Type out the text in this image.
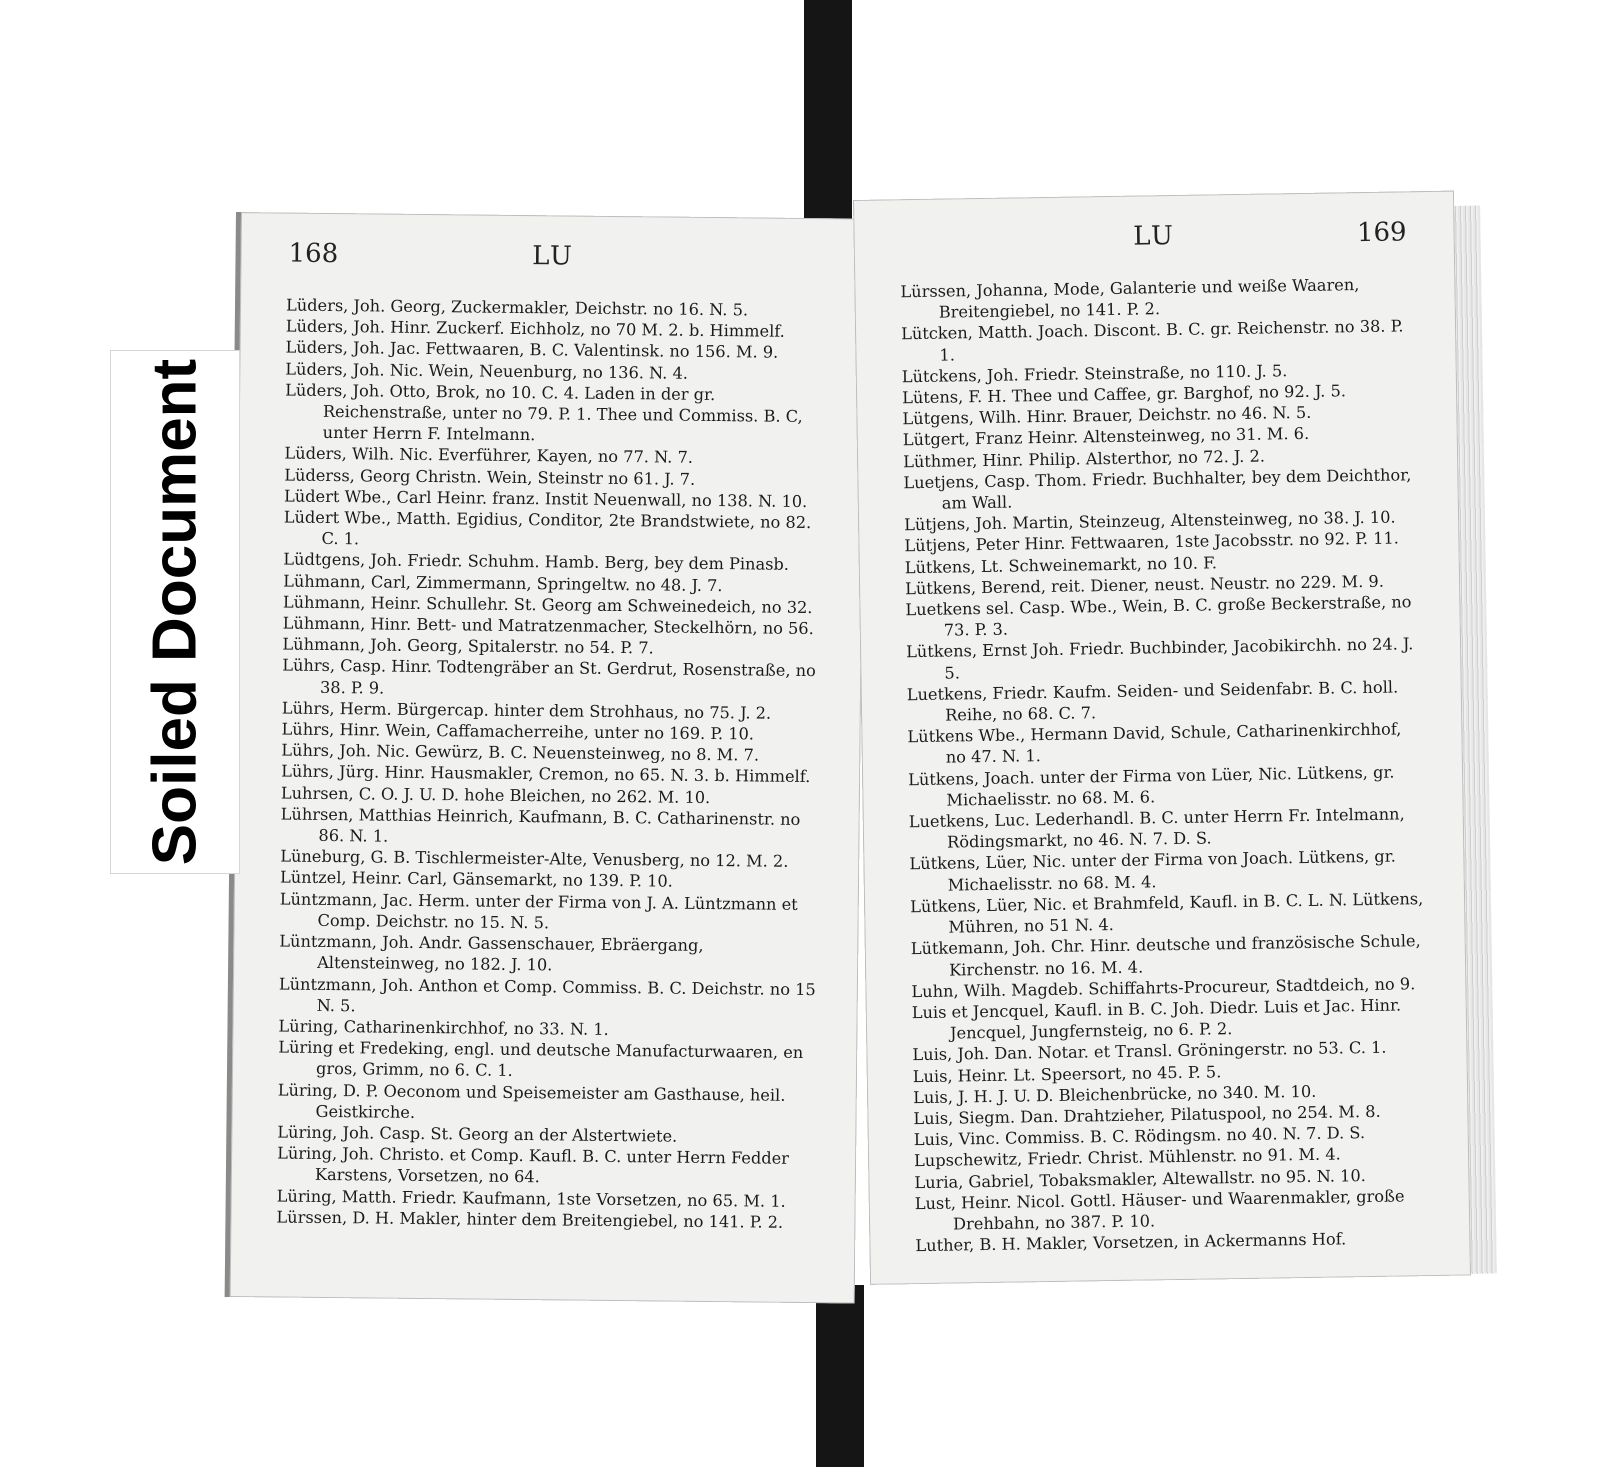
168	LU
Lüders, Joh. Georg, Zuckermakler, Deichstr. no 16. N. 5.
Lüders, Joh. Hinr. Zuckerf. Eichholz, no 70 M. 2. b. Himmelf.
Lüders, Joh. Jac. Fettwaaren, B. C. Valentinsk. no 156. M. 9.
Lüders, Joh. Nic. Wein, Neuenburg, no 136. N. 4.
Lüders, Joh. Otto, Brok, no 10. C. 4. Laden in der gr. Reichenstraße, unter no 79. P. 1. Thee und Commiss. B. C, unter Herrn F. Intelmann.
Lüders, Wilh. Nic. Everführer, Kayen, no 77. N. 7.
Lüderss, Georg Christn. Wein, Steinstr no 61. J. 7.
Lüdert Wbe., Carl Heinr. franz. Instit Neuenwall, no 138. N. 10.
Lüdert Wbe., Matth. Egidius, Conditor, 2te Brandstwiete, no 82. C. 1.
Lüdtgens, Joh. Friedr. Schuhm. Hamb. Berg, bey dem Pinasb.
Lühmann, Carl, Zimmermann, Springeltw. no 48. J. 7.
Lühmann, Heinr. Schullehr. St. Georg am Schweinedeich, no 32.
Lühmann, Hinr. Bett- und Matratzenmacher, Steckelhörn, no 56.
Lühmann, Joh. Georg, Spitalerstr. no 54. P. 7.
Lührs, Casp. Hinr. Todtengräber an St. Gerdrut, Rosenstraße, no 38. P. 9.
Lührs, Herm. Bürgercap. hinter dem Strohhaus, no 75. J. 2.
Lührs, Hinr. Wein, Caffamacherreihe, unter no 169. P. 10.
Lührs, Joh. Nic. Gewürz, B. C. Neuensteinweg, no 8. M. 7.
Lührs, Jürg. Hinr. Hausmakler, Cremon, no 65. N. 3. b. Himmelf.
Luhrsen, C. O. J. U. D. hohe Bleichen, no 262. M. 10.
Lührsen, Matthias Heinrich, Kaufmann, B. C. Catharinenstr. no 86. N. 1.
Lüneburg, G. B. Tischlermeister-Alte, Venusberg, no 12. M. 2.
Lüntzel, Heinr. Carl, Gänsemarkt, no 139. P. 10.
Lüntzmann, Jac. Herm. unter der Firma von J. A. Lüntzmann et Comp. Deichstr. no 15. N. 5.
Lüntzmann, Joh. Andr. Gassenschauer, Ebräergang, Altensteinweg, no 182. J. 10.
Lüntzmann, Joh. Anthon et Comp. Commiss. B. C. Deichstr. no 15 N. 5.
Lüring, Catharinenkirchhof, no 33. N. 1.
Lüring et Fredeking, engl. und deutsche Manufacturwaaren, en gros, Grimm, no 6. C. 1.
Lüring, D. P. Oeconom und Speisemeister am Gasthause, heil. Geistkirche.
Lüring, Joh. Casp. St. Georg an der Alstertwiete.
Lüring, Joh. Christo. et Comp. Kaufl. B. C. unter Herrn Fedder Karstens, Vorsetzen, no 64.
Lüring, Matth. Friedr. Kaufmann, 1ste Vorsetzen, no 65. M. 1.
Lürssen, D. H. Makler, hinter dem Breitengiebel, no 141. P. 2.
LU	169
Lürssen, Johanna, Mode, Galanterie und weiße Waaren, Breitengiebel, no 141. P. 2.
Lütcken, Matth. Joach. Discont. B. C. gr. Reichenstr. no 38. P. 1.
Lütckens, Joh. Friedr. Steinstraße, no 110. J. 5.
Lütens, F. H. Thee und Caffee, gr. Barghof, no 92. J. 5.
Lütgens, Wilh. Hinr. Brauer, Deichstr. no 46. N. 5.
Lütgert, Franz Heinr. Altensteinweg, no 31. M. 6.
Lüthmer, Hinr. Philip. Alsterthor, no 72. J. 2.
Luetjens, Casp. Thom. Friedr. Buchhalter, bey dem Deichthor, am Wall.
Lütjens, Joh. Martin, Steinzeug, Altensteinweg, no 38. J. 10.
Lütjens, Peter Hinr. Fettwaaren, 1ste Jacobsstr. no 92. P. 11.
Lütkens, Lt. Schweinemarkt, no 10. F.
Lütkens, Berend, reit. Diener, neust. Neustr. no 229. M. 9.
Luetkens sel. Casp. Wbe., Wein, B. C. große Beckerstraße, no 73. P. 3.
Lütkens, Ernst Joh. Friedr. Buchbinder, Jacobikirchh. no 24. J. 5.
Luetkens, Friedr. Kaufm. Seiden- und Seidenfabr. B. C. holl. Reihe, no 68. C. 7.
Lütkens Wbe., Hermann David, Schule, Catharinenkirchhof, no 47. N. 1.
Lütkens, Joach. unter der Firma von Lüer, Nic. Lütkens, gr. Michaelisstr. no 68. M. 6.
Luetkens, Luc. Lederhandl. B. C. unter Herrn Fr. Intelmann, Rödingsmarkt, no 46. N. 7. D. S.
Lütkens, Lüer, Nic. unter der Firma von Joach. Lütkens, gr. Michaelisstr. no 68. M. 4.
Lütkens, Lüer, Nic. et Brahmfeld, Kaufl. in B. C. L. N. Lütkens, Mühren, no 51 N. 4.
Lütkemann, Joh. Chr. Hinr. deutsche und französische Schule, Kirchenstr. no 16. M. 4.
Luhn, Wilh. Magdeb. Schiffahrts-Procureur, Stadtdeich, no 9.
Luis et Jencquel, Kaufl. in B. C. Joh. Diedr. Luis et Jac. Hinr. Jencquel, Jungfernsteig, no 6. P. 2.
Luis, Joh. Dan. Notar. et Transl. Gröningerstr. no 53. C. 1.
Luis, Heinr. Lt. Speersort, no 45. P. 5.
Luis, J. H. J. U. D. Bleichenbrücke, no 340. M. 10.
Luis, Siegm. Dan. Drahtzieher, Pilatuspool, no 254. M. 8.
Luis, Vinc. Commiss. B. C. Rödingsm. no 40. N. 7. D. S.
Lupschewitz, Friedr. Christ. Mühlenstr. no 91. M. 4.
Luria, Gabriel, Tobaksmakler, Altewallstr. no 95. N. 10.
Lust, Heinr. Nicol. Gottl. Häuser- und Waarenmakler, große Drehbahn, no 387. P. 10.
Luther, B. H. Makler, Vorsetzen, in Ackermanns Hof.
Soiled Document
